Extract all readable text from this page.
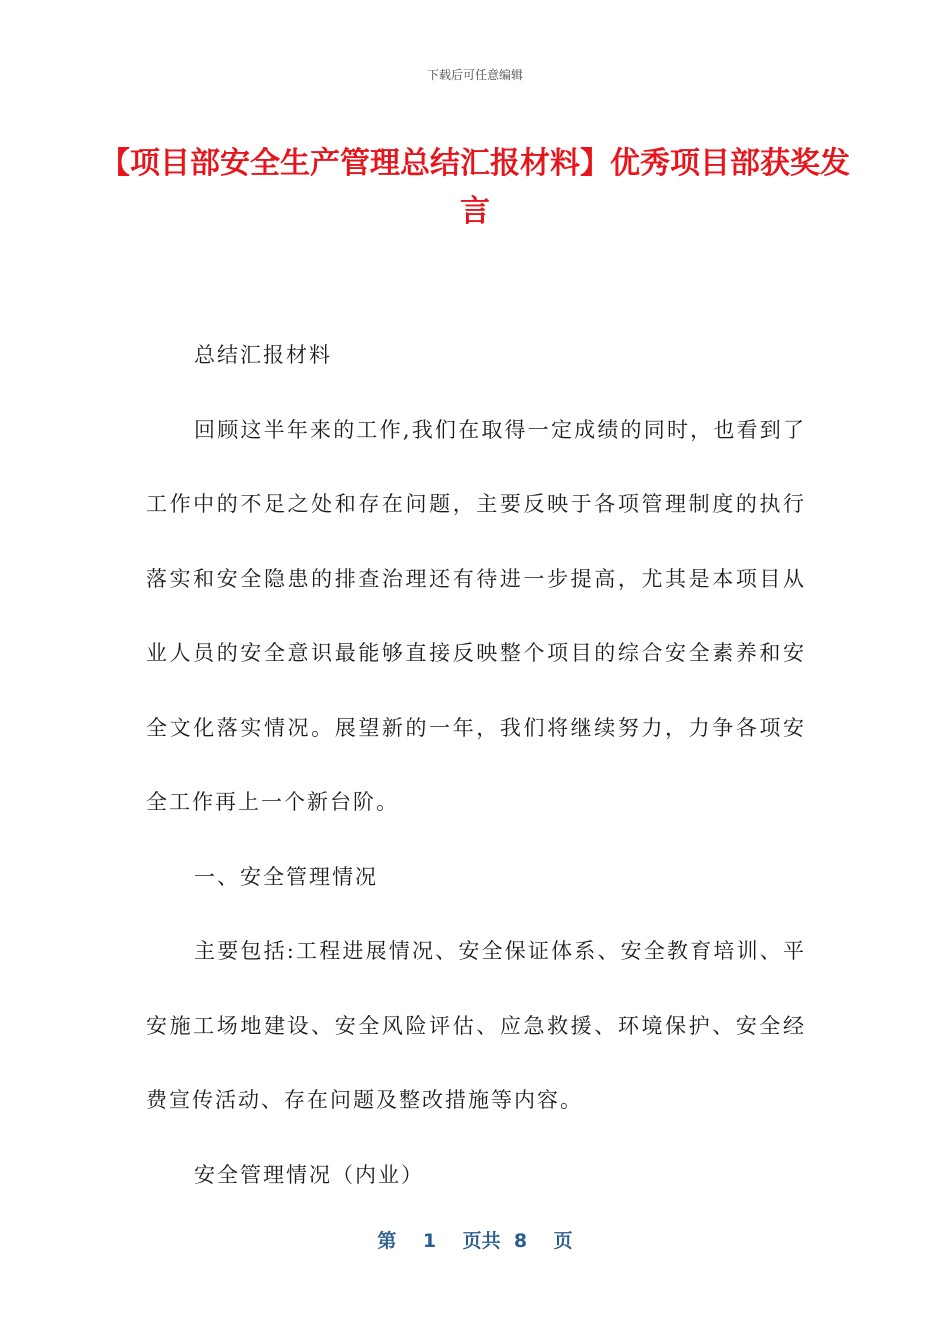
下载后可任意编辑
【项目部安全生产管理总结汇报材料】优秀项目部获奖发言

总结汇报材料

回顾这半年来的工作,我们在取得一定成绩的同时，也看到了工作中的不足之处和存在问题，主要反映于各项管理制度的执行落实和安全隐患的排查治理还有待进一步提高，尤其是本项目从业人员的安全意识最能够直接反映整个项目的综合安全素养和安全文化落实情况。展望新的一年，我们将继续努力，力争各项安全工作再上一个新台阶。

一、安全管理情况

主要包括:工程进展情况、安全保证体系、安全教育培训、平安施工场地建设、安全风险评估、应急救援、环境保护、安全经费宣传活动、存在问题及整改措施等内容。

安全管理情况（内业）

第 1 页共 8 页
